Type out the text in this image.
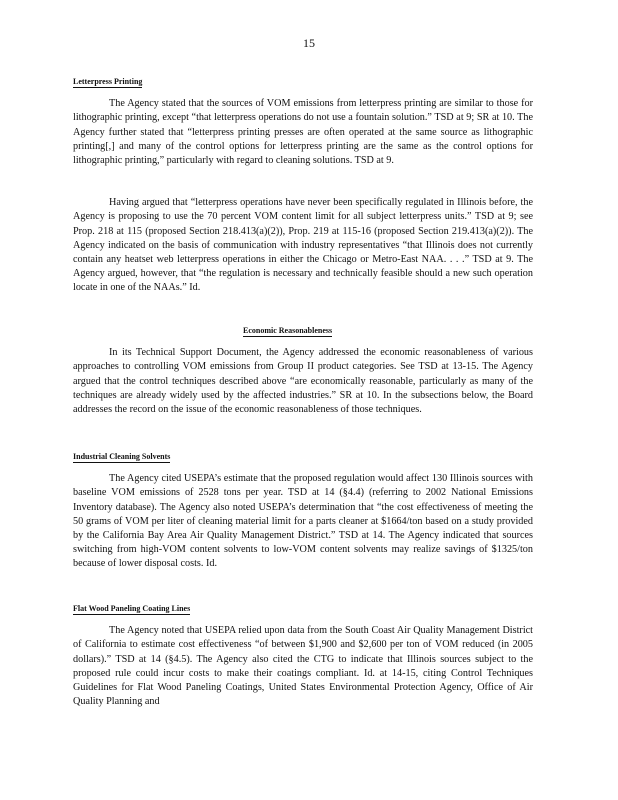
15
Letterpress Printing

The Agency stated that the sources of VOM emissions from letterpress printing are similar to those for lithographic printing, except “that letterpress operations do not use a fountain solution.” TSD at 9; SR at 10. The Agency further stated that “letterpress printing presses are often operated at the same source as lithographic printing[,] and many of the control options for letterpress printing are the same as the control options for lithographic printing,” particularly with regard to cleaning solutions. TSD at 9.

Having argued that “letterpress operations have never been specifically regulated in Illinois before, the Agency is proposing to use the 70 percent VOM content limit for all subject letterpress units.” TSD at 9; see Prop. 218 at 115 (proposed Section 218.413(a)(2)), Prop. 219 at 115-16 (proposed Section 219.413(a)(2)). The Agency indicated on the basis of communication with industry representatives “that Illinois does not currently contain any heatset web letterpress operations in either the Chicago or Metro-East NAA. . . .” TSD at 9. The Agency argued, however, that “the regulation is necessary and technically feasible should a new such operation locate in one of the NAAs.” Id.

Economic Reasonableness

In its Technical Support Document, the Agency addressed the economic reasonableness of various approaches to controlling VOM emissions from Group II product categories. See TSD at 13-15. The Agency argued that the control techniques described above “are economically reasonable, particularly as many of the techniques are already widely used by the affected industries.” SR at 10. In the subsections below, the Board addresses the record on the issue of the economic reasonableness of those techniques.

Industrial Cleaning Solvents

The Agency cited USEPA’s estimate that the proposed regulation would affect 130 Illinois sources with baseline VOM emissions of 2528 tons per year. TSD at 14 (§4.4) (referring to 2002 National Emissions Inventory database). The Agency also noted USEPA’s determination that “the cost effectiveness of meeting the 50 grams of VOM per liter of cleaning material limit for a parts cleaner at $1664/ton based on a study provided by the California Bay Area Air Quality Management District.” TSD at 14. The Agency indicated that sources switching from high-VOM content solvents to low-VOM content solvents may realize savings of $1325/ton because of lower disposal costs. Id.

Flat Wood Paneling Coating Lines

The Agency noted that USEPA relied upon data from the South Coast Air Quality Management District of California to estimate cost effectiveness “of between $1,900 and $2,600 per ton of VOM reduced (in 2005 dollars).” TSD at 14 (§4.5). The Agency also cited the CTG to indicate that Illinois sources subject to the proposed rule could incur costs to make their coatings compliant. Id. at 14-15, citing Control Techniques Guidelines for Flat Wood Paneling Coatings, United States Environmental Protection Agency, Office of Air Quality Planning and
